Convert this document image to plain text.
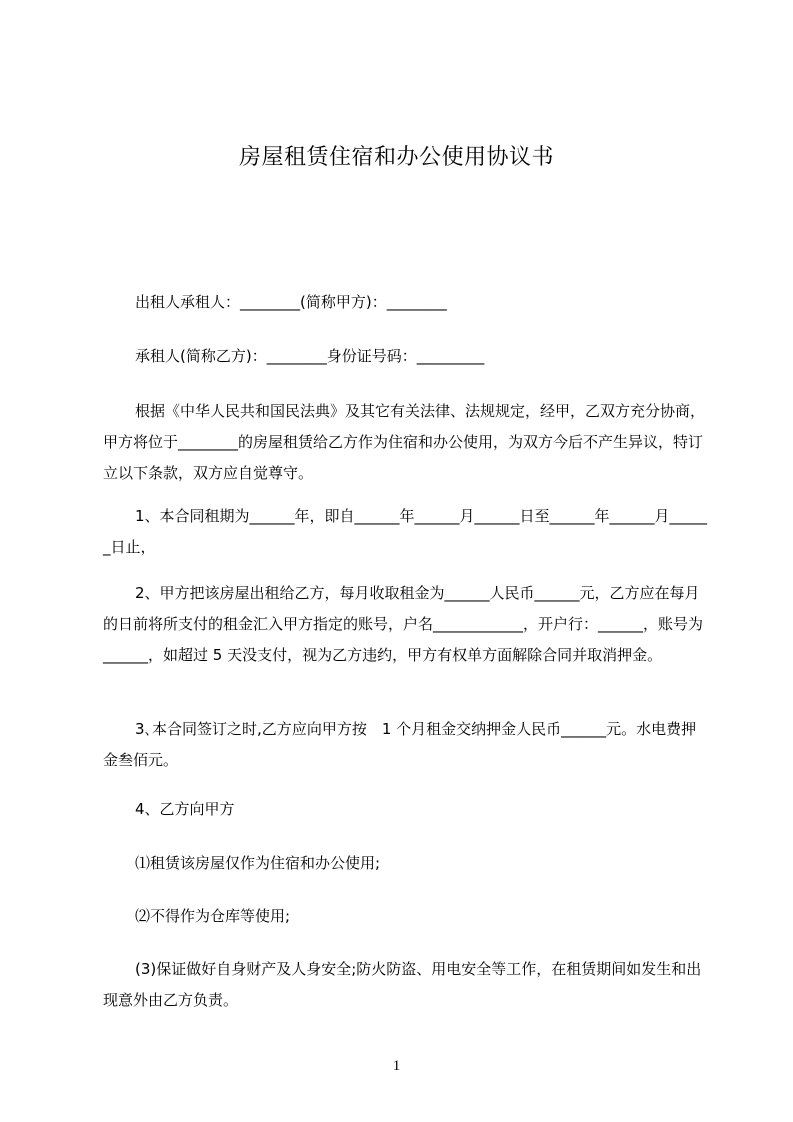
房屋租赁住宿和办公使用协议书

出租人承租人：________(简称甲方)：________

承租人(简称乙方)：________身份证号码：_________

根据《中华人民共和国民法典》及其它有关法律、法规规定，经甲，乙双方充分协商，甲方将位于________的房屋租赁给乙方作为住宿和办公使用，为双方今后不产生异议，特订立以下条款，双方应自觉尊守。

1、本合同租期为______年，即自______年______月______日至______年______月______日止，

2、甲方把该房屋出租给乙方，每月收取租金为______人民币______元，乙方应在每月的日前将所支付的租金汇入甲方指定的账号，户名____________，开户行：______，账号为______，如超过 5 天没支付，视为乙方违约，甲方有权单方面解除合同并取消押金。

3､本合同签订之时,乙方应向甲方按　1 个月租金交纳押金人民币______元。水电费押金叁佰元。

4、乙方向甲方

⑴租赁该房屋仅作为住宿和办公使用;

⑵不得作为仓库等使用;

(3)保证做好自身财产及人身安全;防火防盗、用电安全等工作，在租赁期间如发生和出现意外由乙方负责。

1
